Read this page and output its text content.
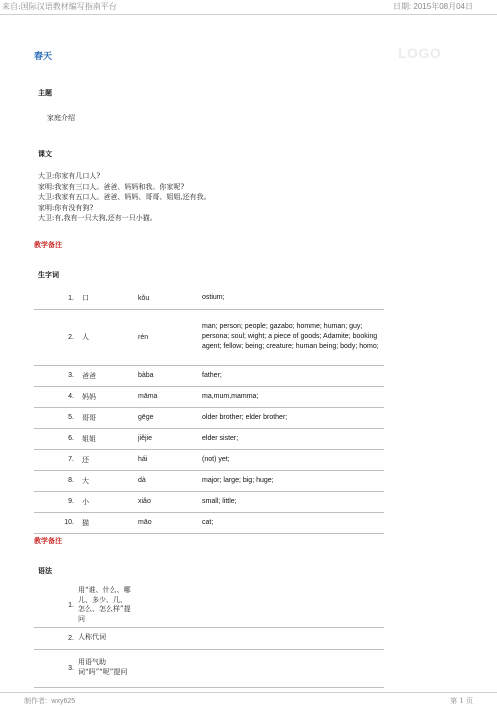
来自:国际汉语教材编写指南平台	日期: 2015年08月04日
春天	LOGO
主题
家庭介绍
课文
大卫:你家有几口人?
家明:我家有三口人。爸爸、妈妈和我。你家呢?
大卫:我家有五口人。爸爸、妈妈、哥哥、姐姐,还有我。
家明:你有没有狗?
大卫:有,我有一只大狗,还有一只小猫。
教学备注
生字词
1.	口	kǒu	ostium;
2.	人	rén	man; person; people; gazabo; homme; human; guy; persona; soul; wight; a piece of goods; Adamite; booking agent; fellow; being; creature; human being; body; homo;
3.	爸爸	bàba	father;
4.	妈妈	māma	ma,mum,mamma;
5.	哥哥	gēge	older brother; elder brother;
6.	姐姐	jiějie	elder sister;
7.	还	hái	(not) yet;
8.	大	dà	major; large; big; huge;
9.	小	xiǎo	small; little;
10.	猫	māo	cat;
教学备注
语法
1.	用“谁、什么、哪儿、多少、几、怎么、怎么样”提问
2.	人称代词
3.	用语气助词“吗”“呢”提问
制作者: wxy625	第 1 页
